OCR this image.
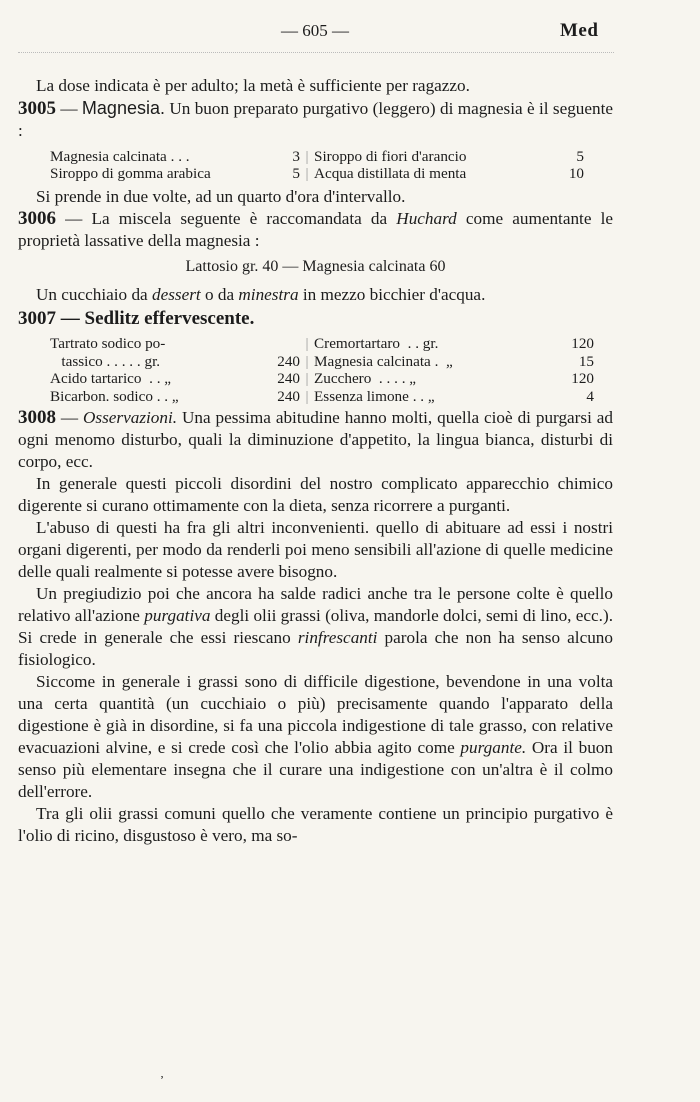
— 605 —	Med

La dose indicata è per adulto; la metà è sufficiente per ragazzo.

3005 — Magnesia. Un buon preparato purgativo (leggero) di magnesia è il seguente :

Magnesia calcinata . . .	3 | Siroppo di fiori d'arancio	5
Siroppo di gomma arabica	5 | Acqua distillata di menta	10

Si prende in due volte, ad un quarto d'ora d'intervallo.

3006 — La miscela seguente è raccomandata da Huchard come aumentante le proprietà lassative della magnesia :

Lattosio gr. 40 — Magnesia calcinata 60

Un cucchiaio da dessert o da minestra in mezzo bicchier d'acqua.

3007 — Sedlitz effervescente.

Tartrato sodico po-	| Cremortartaro  . . gr.	120
tassico . . . . . gr.	240 | Magnesia calcinata .  „	15
Acido tartarico  . . „	240 | Zucchero  . . . . „	120
Bicarbon. sodico . . „	240 | Essenza limone . . „	4

3008 — Osservazioni. Una pessima abitudine hanno molti, quella cioè di purgarsi ad ogni menomo disturbo, quali la diminuzione d'appetito, la lingua bianca, disturbi di corpo, ecc.

In generale questi piccoli disordini del nostro complicato apparecchio chimico digerente si curano ottimamente con la dieta, senza ricorrere a purganti.

L'abuso di questi ha fra gli altri inconvenienti. quello di abituare ad essi i nostri organi digerenti, per modo da renderli poi meno sensibili all'azione di quelle medicine delle quali realmente si potesse avere bisogno.

Un pregiudizio poi che ancora ha salde radici anche tra le persone colte è quello relativo all'azione purgativa degli olii grassi (oliva, mandorle dolci, semi di lino, ecc.). Si crede in generale che essi riescano rinfrescanti parola che non ha senso alcuno fisiologico.

Siccome in generale i grassi sono di difficile digestione, bevendone in una volta una certa quantità (un cucchiaio o più) precisamente quando l'apparato della digestione è già in disordine, si fa una piccola indigestione di tale grasso, con relative evacuazioni alvine, e si crede così che l'olio abbia agito come purgante. Ora il buon senso più elementare insegna che il curare una indigestione con un'altra è il colmo dell'errore.

Tra gli olii grassi comuni quello che veramente contiene un principio purgativo è l'olio di ricino, disgustoso è vero, ma so-

‚
